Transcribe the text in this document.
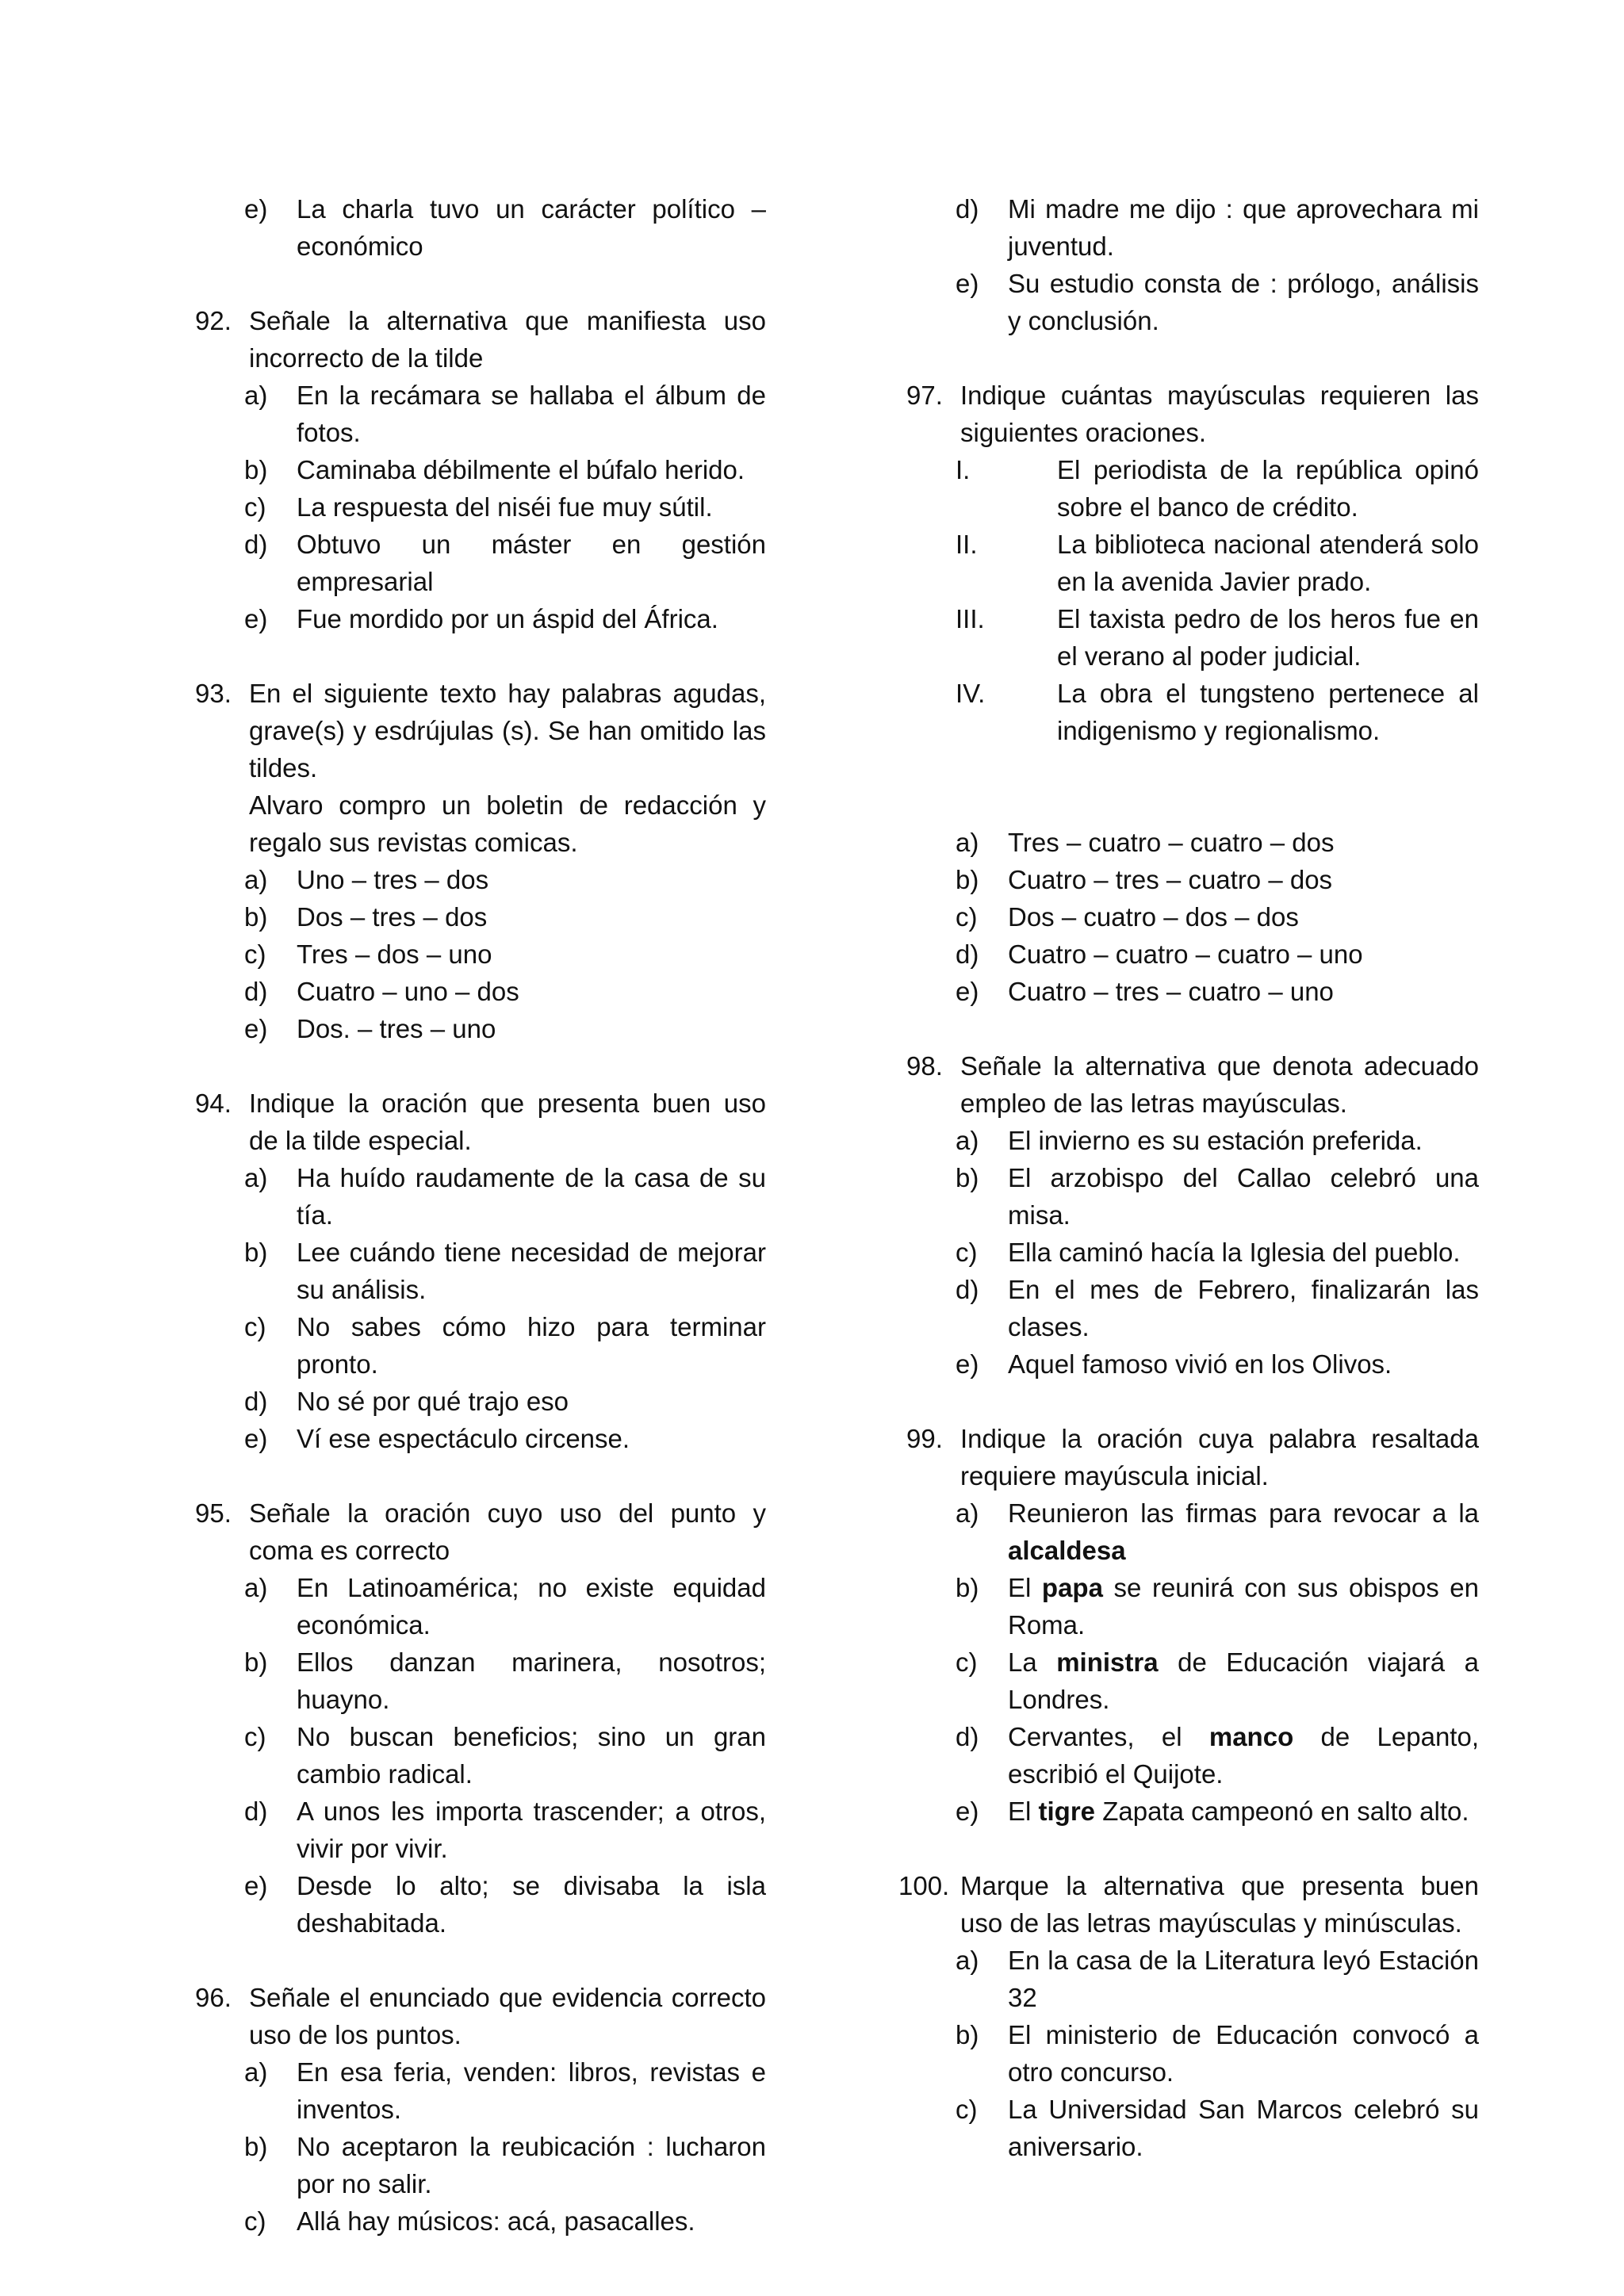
e) La charla tuvo un carácter político – económico
92. Señale la alternativa que manifiesta uso incorrecto de la tilde

a) En la recámara se hallaba el álbum de fotos.
b) Caminaba débilmente el búfalo herido.
c) La respuesta del niséi fue muy sútil.
d) Obtuvo un máster en gestión empresarial
e) Fue mordido por un áspid del África.
93. En el siguiente texto hay palabras agudas, grave(s) y esdrújulas (s). Se han omitido las tildes.

Alvaro compro un boletin de redacción y regalo sus revistas comicas.

a) Uno – tres – dos
b) Dos – tres – dos
c) Tres – dos – uno
d) Cuatro – uno – dos
e) Dos. – tres – uno
94. Indique la oración que presenta buen uso de la tilde especial.

a) Ha huído raudamente de la casa de su tía.
b) Lee cuándo tiene necesidad de mejorar su análisis.
c) No sabes cómo hizo para terminar pronto.
d) No sé por qué trajo eso
e) Ví ese espectáculo circense.
95. Señale la oración cuyo uso del punto y coma es correcto

a) En Latinoamérica; no existe equidad económica.
b) Ellos danzan marinera, nosotros; huayno.
c) No buscan beneficios; sino un gran cambio radical.
d) A unos les importa trascender; a otros, vivir por vivir.
e) Desde lo alto; se divisaba la isla deshabitada.
96. Señale el enunciado que evidencia correcto uso de los puntos.

a) En esa feria, venden: libros, revistas e inventos.
b) No aceptaron la reubicación : lucharon por no salir.
c) Allá hay músicos: acá, pasacalles.
d) Mi madre me dijo : que aprovechara mi juventud.
e) Su estudio consta de : prólogo, análisis y conclusión.
97. Indique cuántas mayúsculas requieren las siguientes oraciones.

I.	El periodista de la república opinó sobre el banco de crédito.
II.	La biblioteca nacional atenderá solo en la avenida Javier prado.
III.	El taxista pedro de los heros fue en el verano al poder judicial.
IV.	La obra el tungsteno pertenece al indigenismo y regionalismo.
a) Tres – cuatro – cuatro – dos
b) Cuatro – tres – cuatro – dos
c) Dos – cuatro – dos – dos
d) Cuatro – cuatro – cuatro – uno
e) Cuatro – tres – cuatro – uno
98. Señale la alternativa que denota adecuado empleo de las letras mayúsculas.

a) El invierno es su estación preferida.
b) El arzobispo del Callao celebró una misa.
c) Ella caminó hacía la Iglesia del pueblo.
d) En el mes de Febrero, finalizarán las clases.
e) Aquel famoso vivió en los Olivos.
99. Indique la oración cuya palabra resaltada requiere mayúscula inicial.

a) Reunieron las firmas para revocar a la alcaldesa
b) El papa se reunirá con sus obispos en Roma.
c) La ministra de Educación viajará a Londres.
d) Cervantes, el manco de Lepanto, escribió el Quijote.
e) El tigre Zapata campeonó en salto alto.
100. Marque la alternativa que presenta buen uso de las letras mayúsculas y minúsculas.

a) En la casa de la Literatura leyó Estación 32
b) El ministerio de Educación convocó a otro concurso.
c) La Universidad San Marcos celebró su aniversario.
